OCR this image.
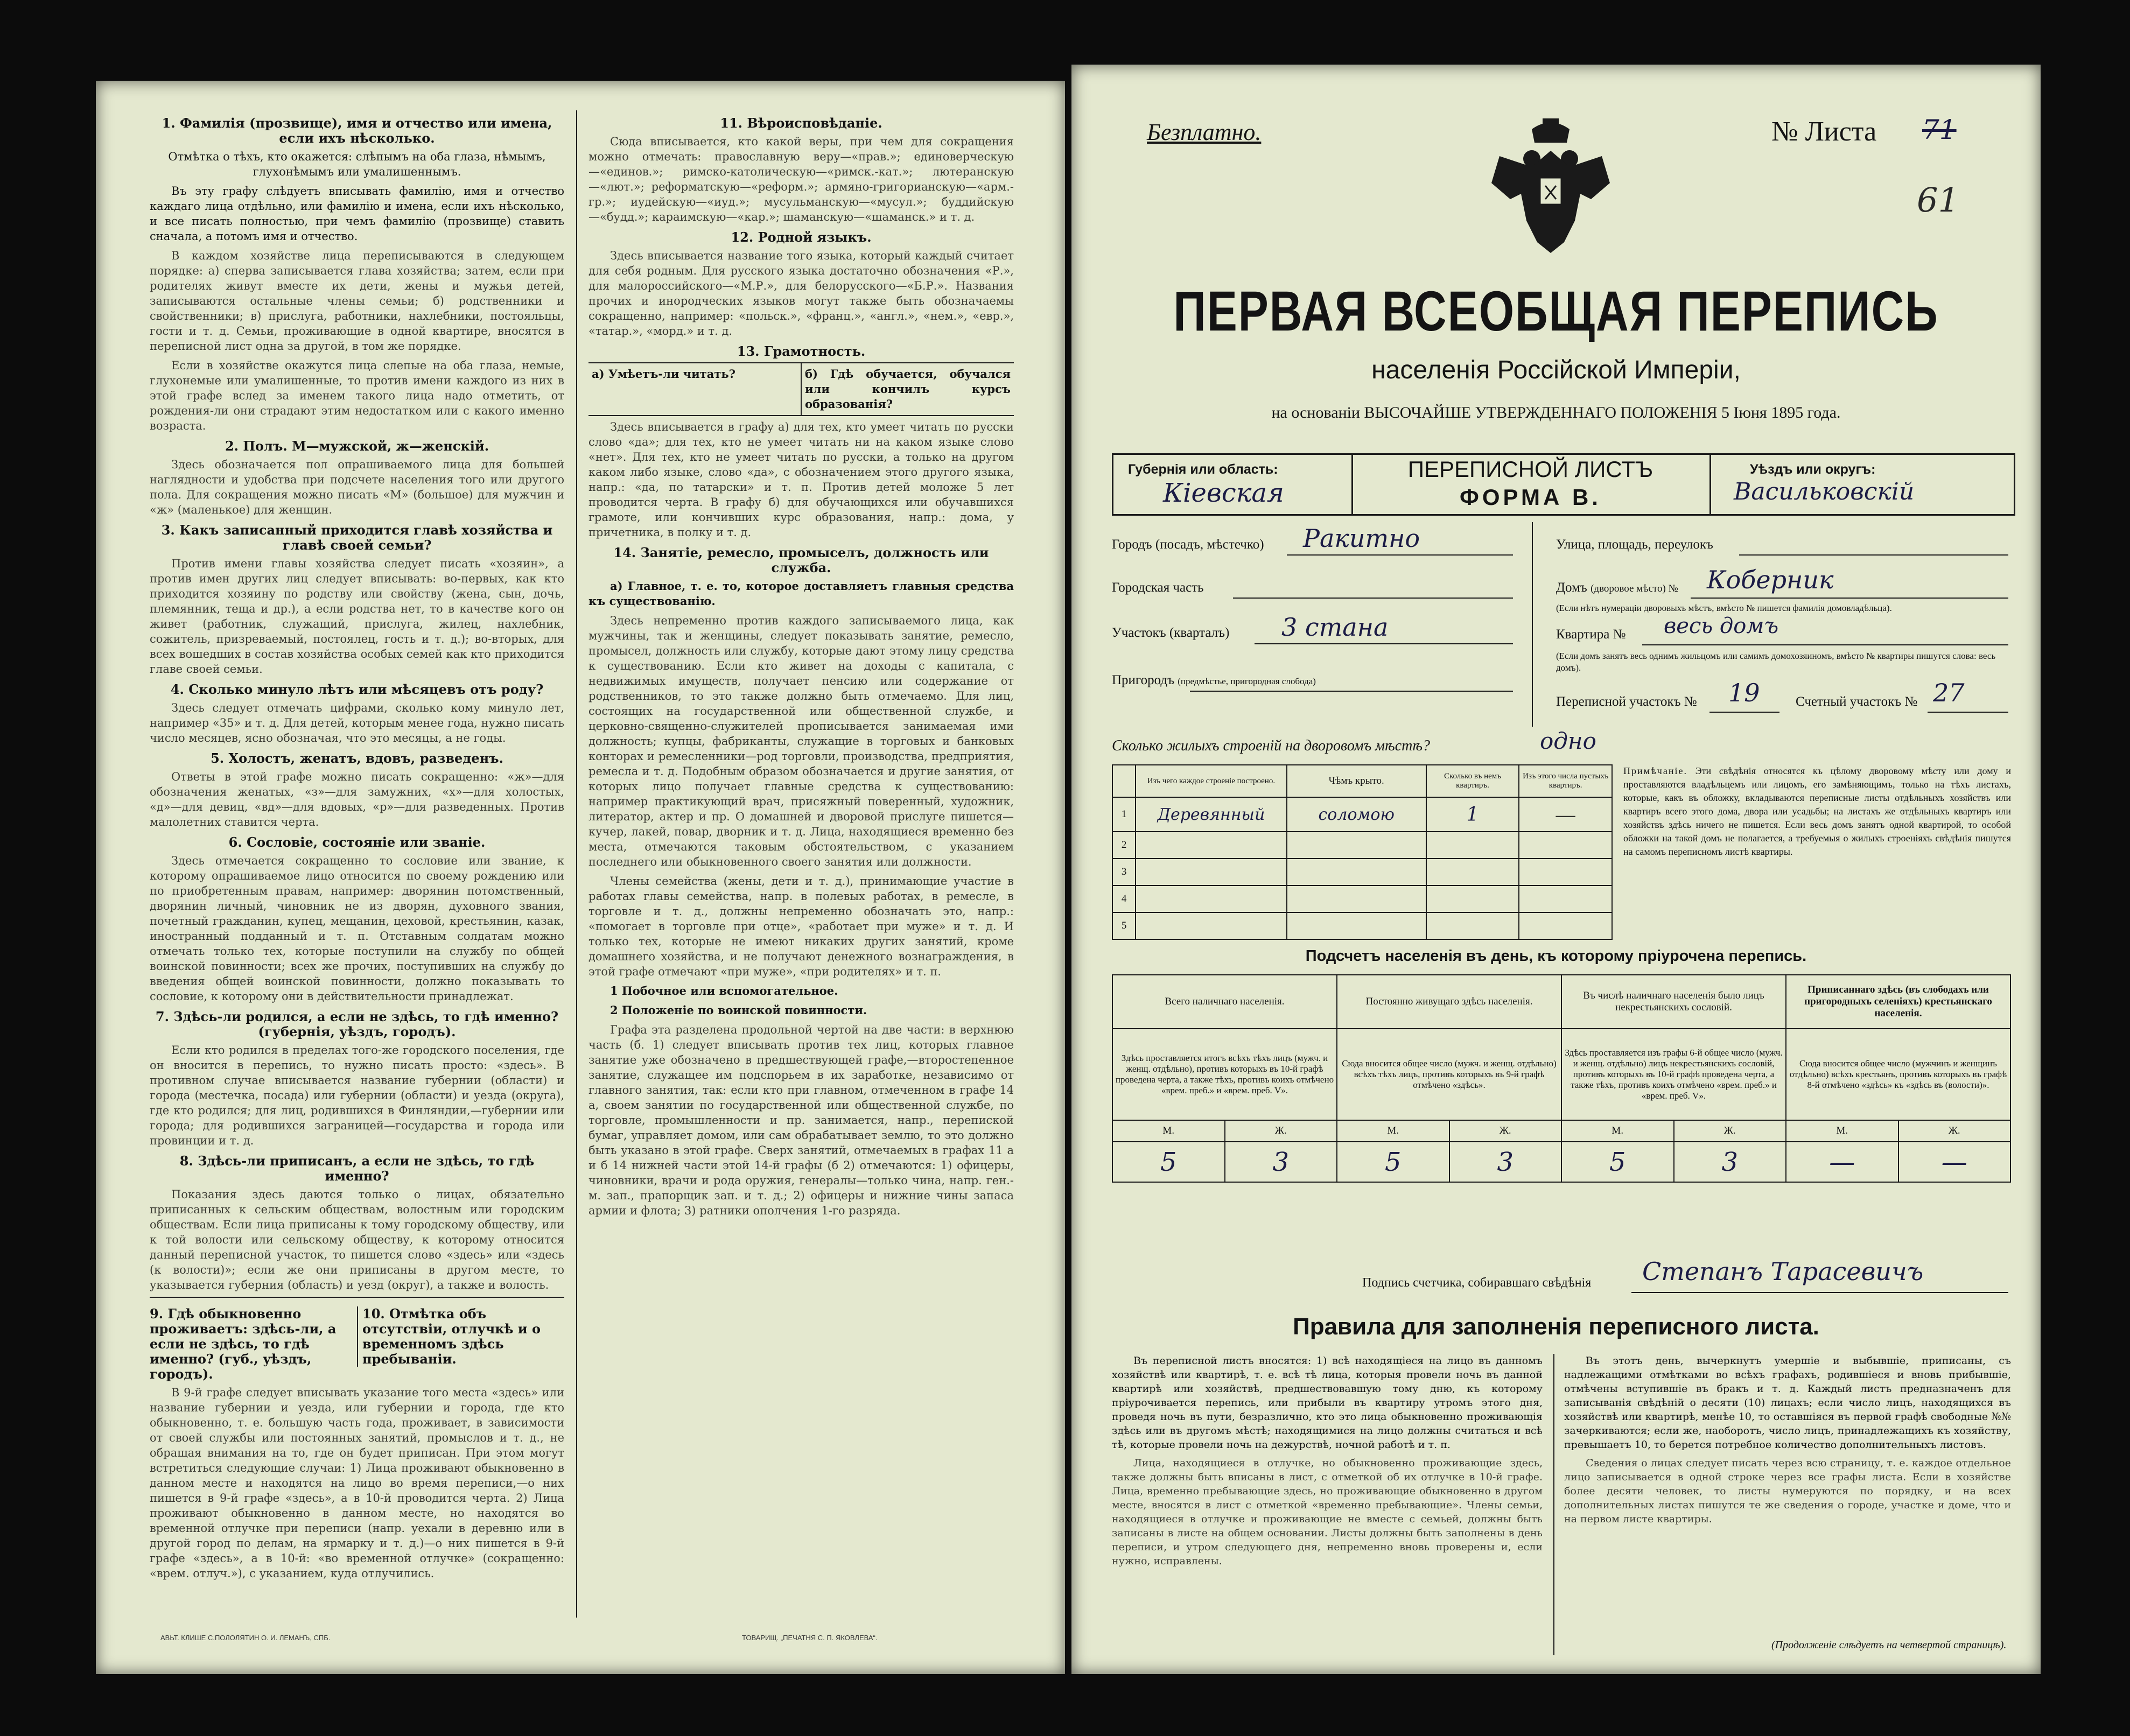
1. Фамилія (прозвище), имя и отчество или имена, если ихъ нѣсколько.

Отмѣтка о тѣхъ, кто окажется: слѣпымъ на оба глаза, нѣмымъ, глухонѣмымъ или умалишеннымъ.

Въ эту графу слѣдуетъ вписывать фамилію, имя и отчество каждаго лица отдѣльно, или фамилію и имена, если ихъ нѣсколько, и все писать полностью, при чемъ фамилію (прозвище) ставить сначала, а потомъ имя и отчество.

В каждом хозяйстве лица переписываются в следующем порядке: а) сперва записывается глава хозяйства; затем, если при родителях живут вместе их дети, жены и мужья детей, записываются остальные члены семьи; б) родственники и свойственники; в) прислуга, работники, нахлебники, постояльцы, гости и т. д. Семьи, проживающие в одной квартире, вносятся в переписной лист одна за другой, в том же порядке.

Если в хозяйстве окажутся лица слепые на оба глаза, немые, глухонемые или умалишенные, то против имени каждого из них в этой графе вслед за именем такого лица надо отметить, от рождения-ли они страдают этим недостатком или с какого именно возраста.

2. Полъ. М—мужской, ж—женскій.

Здесь обозначается пол опрашиваемого лица для большей наглядности и удобства при подсчете населения того или другого пола. Для сокращения можно писать «М» (большое) для мужчин и «ж» (маленькое) для женщин.

3. Какъ записанный приходится главѣ хозяйства и главѣ своей семьи?

Против имени главы хозяйства следует писать «хозяин», а против имен других лиц следует вписывать: во-первых, как кто приходится хозяину по родству или свойству (жена, сын, дочь, племянник, теща и др.), а если родства нет, то в качестве кого он живет (работник, служащий, прислуга, жилец, нахлебник, сожитель, призреваемый, постоялец, гость и т. д.); во-вторых, для всех вошедших в состав хозяйства особых семей как кто приходится главе своей семьи.

4. Сколько минуло лѣтъ или мѣсяцевъ отъ роду?

Здесь следует отмечать цифрами, сколько кому минуло лет, например «35» и т. д. Для детей, которым менее года, нужно писать число месяцев, ясно обозначая, что это месяцы, а не годы.

5. Холостъ, женатъ, вдовъ, разведенъ.

Ответы в этой графе можно писать сокращенно: «ж»—для обозначения женатых, «з»—для замужних, «х»—для холостых, «д»—для девиц, «вд»—для вдовых, «р»—для разведенных. Против малолетних ставится черта.

6. Сословіе, состояніе или званіе.

Здесь отмечается сокращенно то сословие или звание, к которому опрашиваемое лицо относится по своему рождению или по приобретенным правам, например: дворянин потомственный, дворянин личный, чиновник не из дворян, духовного звания, почетный гражданин, купец, мещанин, цеховой, крестьянин, казак, иностранный подданный и т. п. Отставным солдатам можно отмечать только тех, которые поступили на службу по общей воинской повинности; всех же прочих, поступивших на службу до введения общей воинской повинности, должно показывать то сословие, к которому они в действительности принадлежат.

7. Здѣсь-ли родился, а если не здѣсь, то гдѣ именно? (губернія, уѣздъ, городъ).

Если кто родился в пределах того-же городского поселения, где он вносится в перепись, то нужно писать просто: «здесь». В противном случае вписывается название губернии (области) и города (местечка, посада) или губернии (области) и уезда (округа), где кто родился; для лиц, родившихся в Финляндии,—губернии или города; для родившихся заграницей—государства и города или провинции и т. д.

8. Здѣсь-ли приписанъ, а если не здѣсь, то гдѣ именно?

Показания здесь даются только о лицах, обязательно приписанных к сельским обществам, волостным или городским обществам. Если лица приписаны к тому городскому обществу, или к той волости или сельскому обществу, к которому относится данный переписной участок, то пишется слово «здесь» или «здесь (к волости)»; если же они приписаны в другом месте, то указывается губерния (область) и уезд (округ), а также и волость.

9. Гдѣ обыкновенно проживаетъ: здѣсь-ли, а если не здѣсь, то гдѣ именно? (губ., уѣздъ, городъ).
10. Отмѣтка объ отсутствіи, отлучкѣ и о временномъ здѣсь пребываніи.

В 9-й графе следует вписывать указание того места «здесь» или название губернии и уезда, или губернии и города, где кто обыкновенно, т. е. большую часть года, проживает, в зависимости от своей службы или постоянных занятий, промыслов и т. д., не обращая внимания на то, где он будет приписан. При этом могут встретиться следующие случаи: 1) Лица проживают обыкновенно в данном месте и находятся на лицо во время переписи,—о них пишется в 9-й графе «здесь», а в 10-й проводится черта. 2) Лица проживают обыкновенно в данном месте, но находятся во временной отлучке при переписи (напр. уехали в деревню или в другой город по делам, на ярмарку и т. д.)—о них пишется в 9-й графе «здесь», а в 10-й: «во временной отлучке» (сокращенно: «врем. отлуч.»), с указанием, куда отлучились.

АВЬТ. КЛИШЕ С.ПОЛОЛЯТИН О. И. ЛЕМАНЪ, СПБ.
11. Вѣроисповѣданіе.

Сюда вписывается, кто какой веры, при чем для сокращения можно отмечать: православную веру—«прав.»; единоверческую—«единов.»; римско-католическую—«римск.-кат.»; лютеранскую—«лют.»; реформатскую—«реформ.»; армяно-григорианскую—«арм.-гр.»; иудейскую—«иуд.»; мусульманскую—«мусул.»; буддийскую—«будд.»; караимскую—«кар.»; шаманскую—«шаманск.» и т. д.

12. Родной языкъ.

Здесь вписывается название того языка, который каждый считает для себя родным. Для русского языка достаточно обозначения «Р.», для малороссийского—«М.Р.», для белорусского—«Б.Р.». Названия прочих и инородческих языков могут также быть обозначаемы сокращенно, например: «польск.», «франц.», «англ.», «нем.», «евр.», «татар.», «морд.» и т. д.

13. Грамотность.
а) Умѣетъ-ли читать?	б) Гдѣ обучается, обучался или кончилъ курсъ образованія?

Здесь вписывается в графу а) для тех, кто умеет читать по русски слово «да»; для тех, кто не умеет читать ни на каком языке слово «нет». Для тех, кто не умеет читать по русски, а только на другом каком либо языке, слово «да», с обозначением этого другого языка, напр.: «да, по татарски» и т. п. Против детей моложе 5 лет проводится черта. В графу б) для обучающихся или обучавшихся грамоте, или кончивших курс образования, напр.: дома, у причетника, в полку и т. д.

14. Занятіе, ремесло, промыселъ, должность или служба.

а) Главное, т. е. то, которое доставляетъ главныя средства къ существованію.

Здесь непременно против каждого записываемого лица, как мужчины, так и женщины, следует показывать занятие, ремесло, промысел, должность или службу, которые дают этому лицу средства к существованию. Если кто живет на доходы с капитала, с недвижимых имуществ, получает пенсию или содержание от родственников, то это также должно быть отмечаемо. Для лиц, состоящих на государственной или общественной службе, и церковно-священно-служителей прописывается занимаемая ими должность; купцы, фабриканты, служащие в торговых и банковых конторах и ремесленники—род торговли, производства, предприятия, ремесла и т. д. Подобным образом обозначается и другие занятия, от которых лицо получает главные средства к существованию: например практикующий врач, присяжный поверенный, художник, литератор, актер и пр. О домашней и дворовой прислуге пишется—кучер, лакей, повар, дворник и т. д. Лица, находящиеся временно без места, отмечаются таковым обстоятельством, с указанием последнего или обыкновенного своего занятия или должности.

Члены семейства (жены, дети и т. д.), принимающие участие в работах главы семейства, напр. в полевых работах, в ремесле, в торговле и т. д., должны непременно обозначать это, напр.: «помогает в торговле при отце», «работает при муже» и т. д. И только тех, которые не имеют никаких других занятий, кроме домашнего хозяйства, и не получают денежного вознаграждения, в этой графе отмечают «при муже», «при родителях» и т. п.

1 Побочное или вспомогательное.

2 Положеніе по воинской повинности.

Графа эта разделена продольной чертой на две части: в верхнюю часть (б. 1) следует вписывать против тех лиц, которых главное занятие уже обозначено в предшествующей графе,—второстепенное занятие, служащее им подспорьем в их заработке, независимо от главного занятия, так: если кто при главном, отмеченном в графе 14 а, своем занятии по государственной или общественной службе, по торговле, промышленности и пр. занимается, напр., перепиской бумаг, управляет домом, или сам обрабатывает землю, то это должно быть указано в этой графе. Сверх занятий, отмечаемых в графах 11 а и б 14 нижней части этой 14-й графы (б 2) отмечаются: 1) офицеры, чиновники, врачи и рода оружия, генералы—только чина, напр. ген.-м. зап., прапорщик зап. и т. д.; 2) офицеры и нижние чины запаса армии и флота; 3) ратники ополчения 1-го разряда.

ТОВАРИЩ. „ПЕЧАТНЯ С. П. ЯКОВЛЕВА“.
Безплатно.	№ Листа 71
61
ПЕРВАЯ ВСЕОБЩАЯ ПЕРЕПИСЬ
населенія Россійской Имперіи,
на основаніи ВЫСОЧАЙШЕ УТВЕРЖДЕННАГО ПОЛОЖЕНІЯ 5 Іюня 1895 года.
Губернія или область:
Кіевская
ПЕРЕПИСНОЙ ЛИСТЪ
ФОРМА В.
Уѣздъ или округъ:
Васильковскій
Городъ (посадъ, мѣстечко) Ракитно
Городская часть
Участокъ (кварталъ) 3 стана
Пригородъ (предмѣстье, пригородная слобода)
Улица, площадь, переулокъ
Домъ (дворовое мѣсто) № Коберник
(Если нѣтъ нумераціи дворовыхъ мѣстъ, вмѣсто № пишется фамилія домовладѣльца).
Квартира № весь домъ
(Если домъ занятъ весь однимъ жильцомъ или самимъ домохозяиномъ, вмѣсто № квартиры пишутся слова: весь домъ).
Переписной участокъ № 19	Счетный участокъ № 27
Сколько жилыхъ строеній на дворовомъ мѣстѣ?	одно
	Изъ чего каждое строеніе построено.	Чѣмъ крыто.	Сколько въ немъ квартиръ.	Изъ этого числа пустыхъ квартиръ.
1	Деревянный	соломою	1	—
2				
3				
4				
5				
Примѣчаніе. Эти свѣдѣнія относятся къ цѣлому дворовому мѣсту или дому и проставляются владѣльцемъ или лицомъ, его замѣняющимъ, только на тѣхъ листахъ, которые, какъ въ обложку, вкладываются переписные листы отдѣльныхъ хозяйствъ или квартиръ всего этого дома, двора или усадьбы; на листахъ же отдѣльныхъ квартиръ или хозяйствъ здѣсь ничего не пишется. Если весь домъ занятъ одной квартирой, то особой обложки на такой домъ не полагается, а требуемыя о жилыхъ строеніяхъ свѣдѣнія пишутся на самомъ переписномъ листѣ квартиры.
Подсчетъ населенія въ день, къ которому пріурочена перепись.
Всего наличнаго населенія.		Постоянно живущаго здѣсь населенія.		Въ числѣ наличнаго населенія было лицъ некрестьянскихъ сословій.		Приписаннаго здѣсь (въ слободахъ или пригородныхъ селеніяхъ) крестьянскаго населенія.	
Здѣсь проставляется итогъ всѣхъ тѣхъ лицъ (мужч. и женщ. отдѣльно), противъ которыхъ въ 10-й графѣ проведена черта, а также тѣхъ, противъ коихъ отмѣчено «врем. преб.» и «врем. преб. V».		Сюда вносится общее число (мужч. и женщ. отдѣльно) всѣхъ тѣхъ лицъ, противъ которыхъ въ 9-й графѣ отмѣчено «здѣсь».		Здѣсь проставляется изъ графы 6-й общее число (мужч. и женщ. отдѣльно) лицъ некрестьянскихъ сословій, противъ которыхъ въ 10-й графѣ проведена черта, а также тѣхъ, противъ коихъ отмѣчено «врем. преб.» и «врем. преб. V».		Сюда вносится общее число (мужчинъ и женщинъ отдѣльно) всѣхъ крестьянъ, противъ которыхъ въ графѣ 8-й отмѣчено «здѣсь» къ «здѣсь въ (волости)».	
М.	Ж.	М.	Ж.	М.	Ж.	М.	Ж.
5	3	5	3	5	3	—	—
Подпись счетчика, собиравшаго свѣдѣнія Степанъ Тарасевичъ
Правила для заполненія переписного листа.

Въ переписной листъ вносятся: 1) всѣ находящіеся на лицо въ данномъ хозяйствѣ или квартирѣ, т. е. всѣ тѣ лица, которыя провели ночь въ данной квартирѣ или хозяйствѣ, предшествовавшую тому дню, къ которому пріурочивается перепись, или прибыли въ квартиру утромъ этого дня, проведя ночь въ пути, безразлично, кто это лица обыкновенно проживающія здѣсь или въ другомъ мѣстѣ; находящимися на лицо должны считаться и всѣ тѣ, которые провели ночь на дежурствѣ, ночной работѣ и т. п.

Лица, находящиеся в отлучке, но обыкновенно проживающие здесь, также должны быть вписаны в лист, с отметкой об их отлучке в 10-й графе. Лица, временно пребывающие здесь, но проживающие обыкновенно в другом месте, вносятся в лист с отметкой «временно пребывающие». Члены семьи, находящиеся в отлучке и проживающие не вместе с семьей, должны быть записаны в листе на общем основании. Листы должны быть заполнены в день переписи, и утром следующего дня, непременно вновь проверены и, если нужно, исправлены.

Въ этотъ день, вычеркнутъ умершіе и выбывшіе, приписаны, съ надлежащими отмѣтками во всѣхъ графахъ, родившіеся и вновь прибывшіе, отмѣчены вступившіе въ бракъ и т. д. Каждый листъ предназначенъ для записыванія свѣдѣній о десяти (10) лицахъ; если число лицъ, находящихся въ хозяйствѣ или квартирѣ, менѣе 10, то оставшіяся въ первой графѣ свободные №№ зачеркиваются; если же, наоборотъ, число лицъ, принадлежащихъ къ хозяйству, превышаетъ 10, то берется потребное количество дополнительныхъ листовъ.

Сведения о лицах следует писать через всю страницу, т. е. каждое отдельное лицо записывается в одной строке через все графы листа. Если в хозяйстве более десяти человек, то листы нумеруются по порядку, и на всех дополнительных листах пишутся те же сведения о городе, участке и доме, что и на первом листе квартиры.

(Продолженіе слѣдуетъ на четвертой страницѣ).
